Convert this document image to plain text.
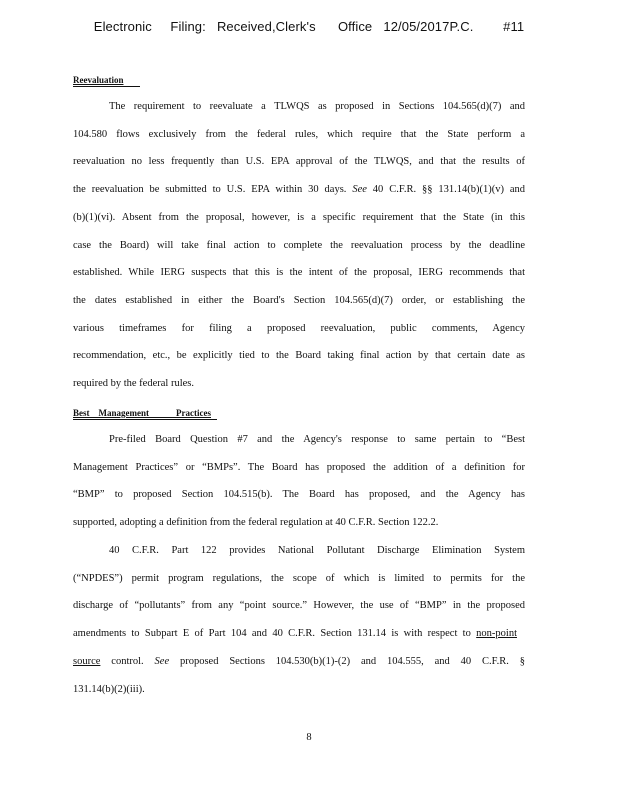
Electronic     Filing:   Received,Clerk's      Office   12/05/2017P.C.        #11
Reevaluation
The requirement to reevaluate a TLWQS as proposed in Sections 104.565(d)(7) and
104.580 flows exclusively from the federal rules, which require that the State perform a
reevaluation no less frequently than U.S. EPA approval of the TLWQS, and that the results of
the reevaluation be submitted to U.S. EPA within 30 days. See 40 C.F.R. §§ 131.14(b)(1)(v) and
(b)(1)(vi). Absent from the proposal, however, is a specific requirement that the State (in this
case the Board) will take final action to complete the reevaluation process by the deadline
established. While IERG suspects that this is the intent of the proposal, IERG recommends that
the dates established in either the Board's Section 104.565(d)(7) order, or establishing the
various timeframes for filing a proposed reevaluation, public comments, Agency
recommendation, etc., be explicitly tied to the Board taking final action by that certain date as
required by the federal rules.
Best    Management            Practices
Pre-filed Board Question #7 and the Agency's response to same pertain to “Best
Management Practices” or “BMPs”. The Board has proposed the addition of a definition for
“BMP” to proposed Section 104.515(b). The Board has proposed, and the Agency has
supported, adopting a definition from the federal regulation at 40 C.F.R. Section 122.2.
40 C.F.R. Part 122 provides National Pollutant Discharge Elimination System
(“NPDES”) permit program regulations, the scope of which is limited to permits for the
discharge of “pollutants” from any “point source.” However, the use of “BMP” in the proposed
amendments to Subpart E of Part 104 and 40 C.F.R. Section 131.14 is with respect to non-point
source control. See proposed Sections 104.530(b)(1)-(2) and 104.555, and 40 C.F.R. §
131.14(b)(2)(iii).
8
